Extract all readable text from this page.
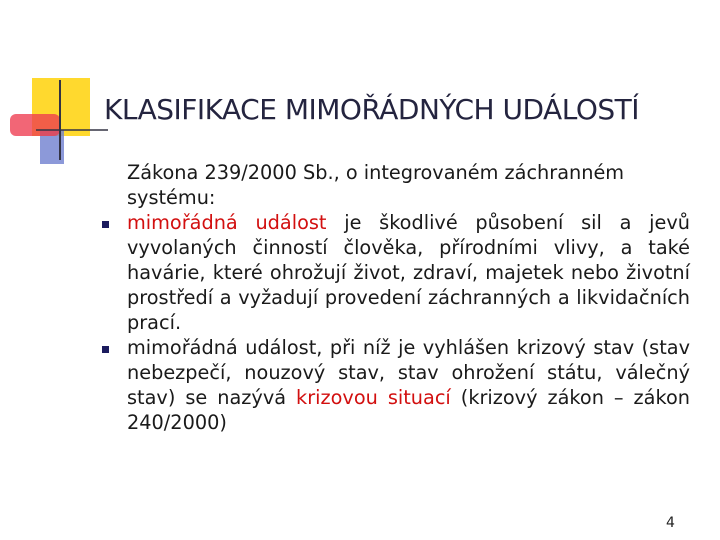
KLASIFIKACE MIMOŘÁDNÝCH UDÁLOSTÍ

Zákona 239/2000 Sb., o integrovaném záchranném systému:

mimořádná událost je škodlivé působení sil a jevů vyvolaných činností člověka, přírodními vlivy, a také havárie, které ohrožují život, zdraví, majetek nebo životní prostředí a vyžadují provedení záchranných a likvidačních prací.

mimořádná událost, při níž je vyhlášen krizový stav (stav nebezpečí, nouzový stav, stav ohrožení státu, válečný stav) se nazývá krizovou situací (krizový zákon – zákon 240/2000)

4
